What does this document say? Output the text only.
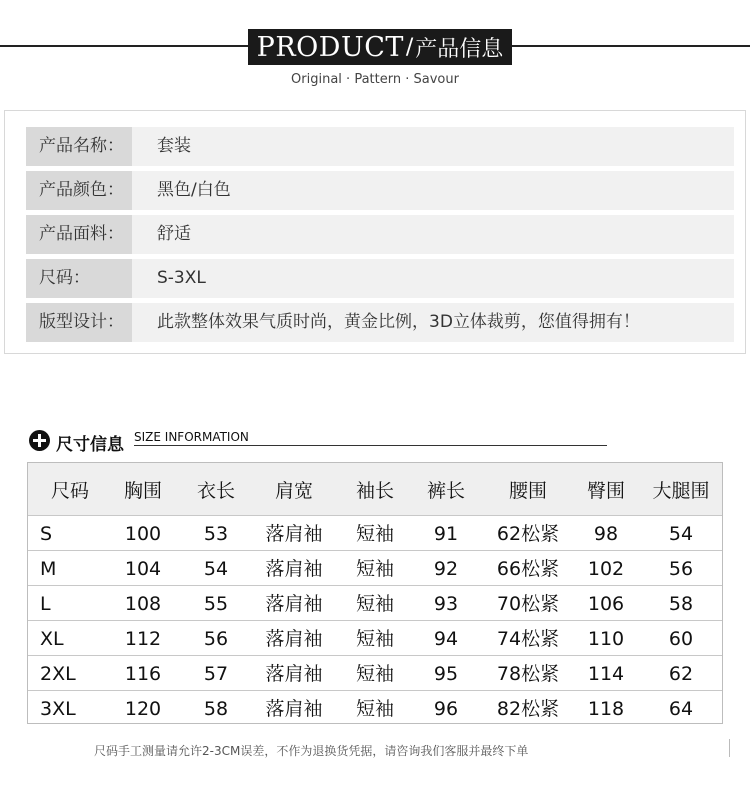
PRODUCT / 产品信息
Original · Pattern · Savour
产品名称：	套装
产品颜色：	黑色/白色
产品面料：	舒适
尺码：	S-3XL
版型设计：	此款整体效果气质时尚，黄金比例，3D立体裁剪，您值得拥有！
尺寸信息 SIZE INFORMATION
尺码	胸围	衣长	肩宽	袖长	裤长	腰围	臀围	大腿围
S	100	53	落肩袖	短袖	91	62松紧	98	54
M	104	54	落肩袖	短袖	92	66松紧	102	56
L	108	55	落肩袖	短袖	93	70松紧	106	58
XL	112	56	落肩袖	短袖	94	74松紧	110	60
2XL	116	57	落肩袖	短袖	95	78松紧	114	62
3XL	120	58	落肩袖	短袖	96	82松紧	118	64
尺码手工测量请允许2-3CM误差，不作为退换货凭据，请咨询我们客服并最终下单
